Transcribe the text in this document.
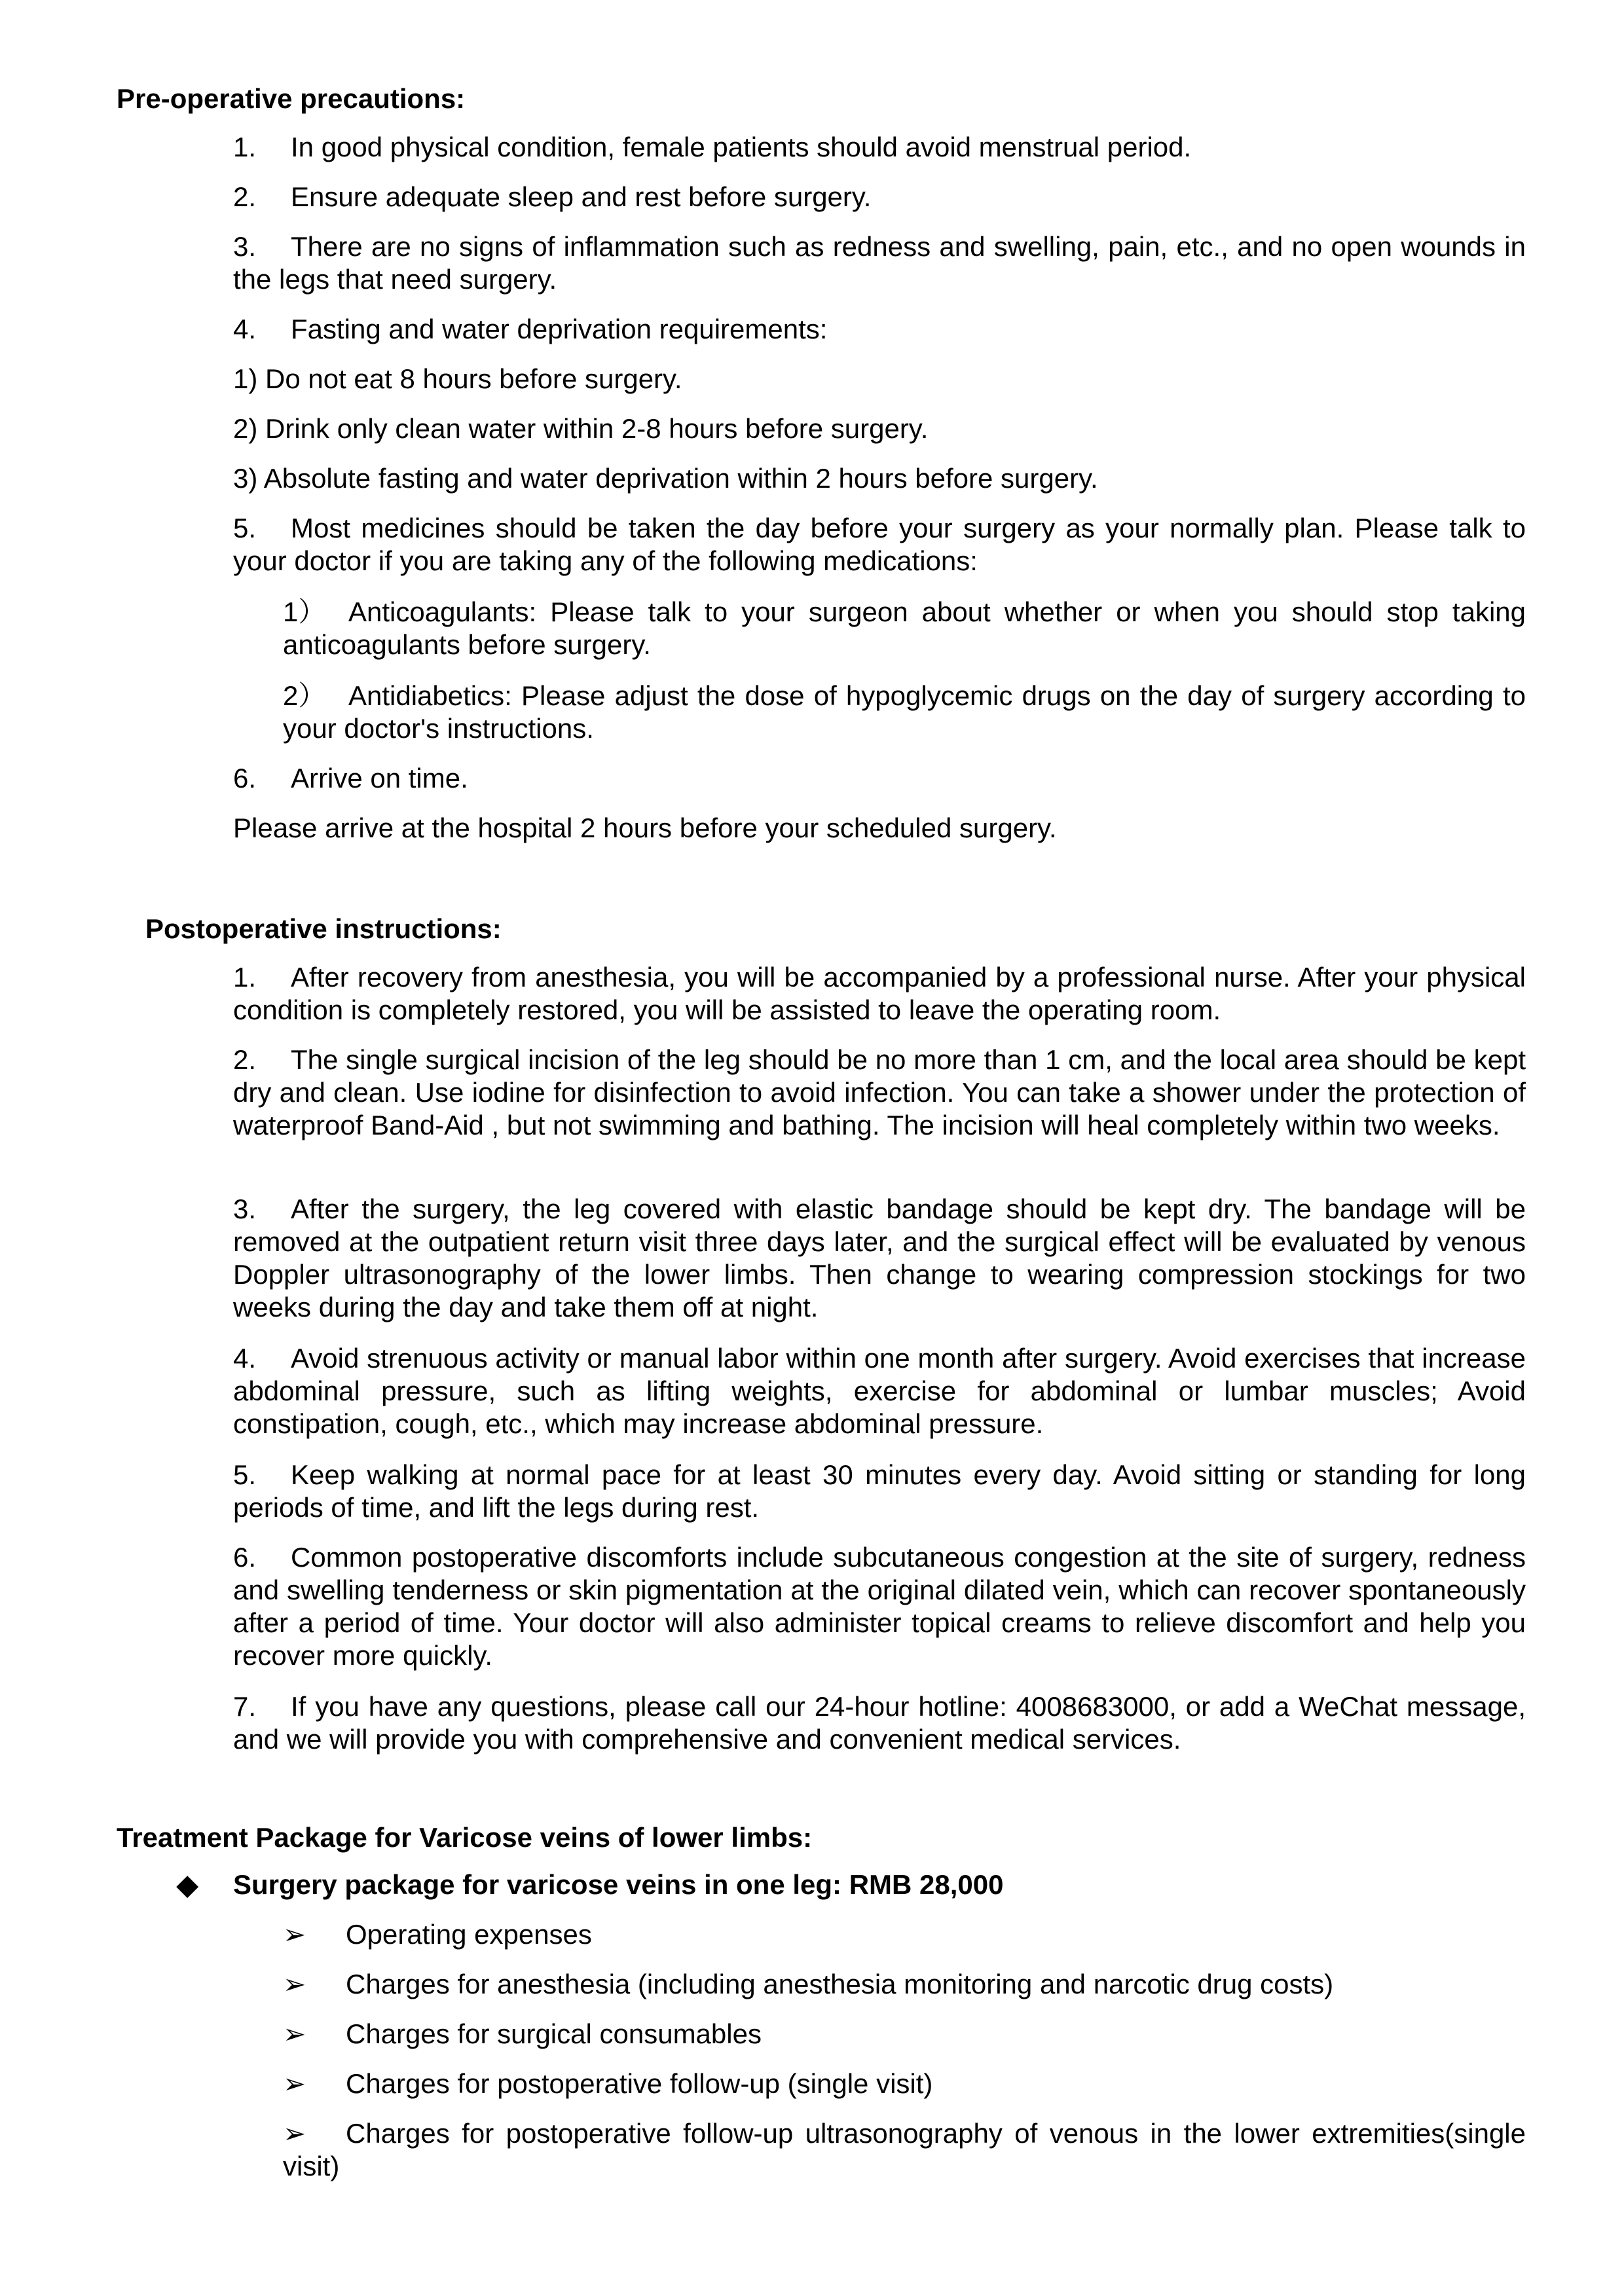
Pre-operative precautions:

1. In good physical condition, female patients should avoid menstrual period.

2. Ensure adequate sleep and rest before surgery.

3. There are no signs of inflammation such as redness and swelling, pain, etc., and no open wounds in the legs that need surgery.

4. Fasting and water deprivation requirements:

1) Do not eat 8 hours before surgery.

2) Drink only clean water within 2-8 hours before surgery.

3) Absolute fasting and water deprivation within 2 hours before surgery.

5. Most medicines should be taken the day before your surgery as your normally plan. Please talk to your doctor if you are taking any of the following medications:

1） Anticoagulants: Please talk to your surgeon about whether or when you should stop taking anticoagulants before surgery.

2） Antidiabetics: Please adjust the dose of hypoglycemic drugs on the day of surgery according to your doctor's instructions.

6. Arrive on time.

Please arrive at the hospital 2 hours before your scheduled surgery.

Postoperative instructions:

1. After recovery from anesthesia, you will be accompanied by a professional nurse. After your physical condition is completely restored, you will be assisted to leave the operating room.

2. The single surgical incision of the leg should be no more than 1 cm, and the local area should be kept dry and clean. Use iodine for disinfection to avoid infection. You can take a shower under the protection of waterproof Band-Aid , but not swimming and bathing. The incision will heal completely within two weeks.

3. After the surgery, the leg covered with elastic bandage should be kept dry. The bandage will be removed at the outpatient return visit three days later, and the surgical effect will be evaluated by venous Doppler ultrasonography of the lower limbs. Then change to wearing compression stockings for two weeks during the day and take them off at night.

4. Avoid strenuous activity or manual labor within one month after surgery. Avoid exercises that increase abdominal pressure, such as lifting weights, exercise for abdominal or lumbar muscles; Avoid constipation, cough, etc., which may increase abdominal pressure.

5. Keep walking at normal pace for at least 30 minutes every day. Avoid sitting or standing for long periods of time, and lift the legs during rest.

6. Common postoperative discomforts include subcutaneous congestion at the site of surgery, redness and swelling tenderness or skin pigmentation at the original dilated vein, which can recover spontaneously after a period of time. Your doctor will also administer topical creams to relieve discomfort and help you recover more quickly.

7. If you have any questions, please call our 24-hour hotline: 4008683000, or add a WeChat message, and we will provide you with comprehensive and convenient medical services.

Treatment Package for Varicose veins of lower limbs:
◆ Surgery package for varicose veins in one leg: RMB 28,000

➢ Operating expenses

➢ Charges for anesthesia (including anesthesia monitoring and narcotic drug costs)

➢ Charges for surgical consumables

➢ Charges for postoperative follow-up (single visit)

➢ Charges for postoperative follow-up ultrasonography of venous in the lower extremities(single visit)
